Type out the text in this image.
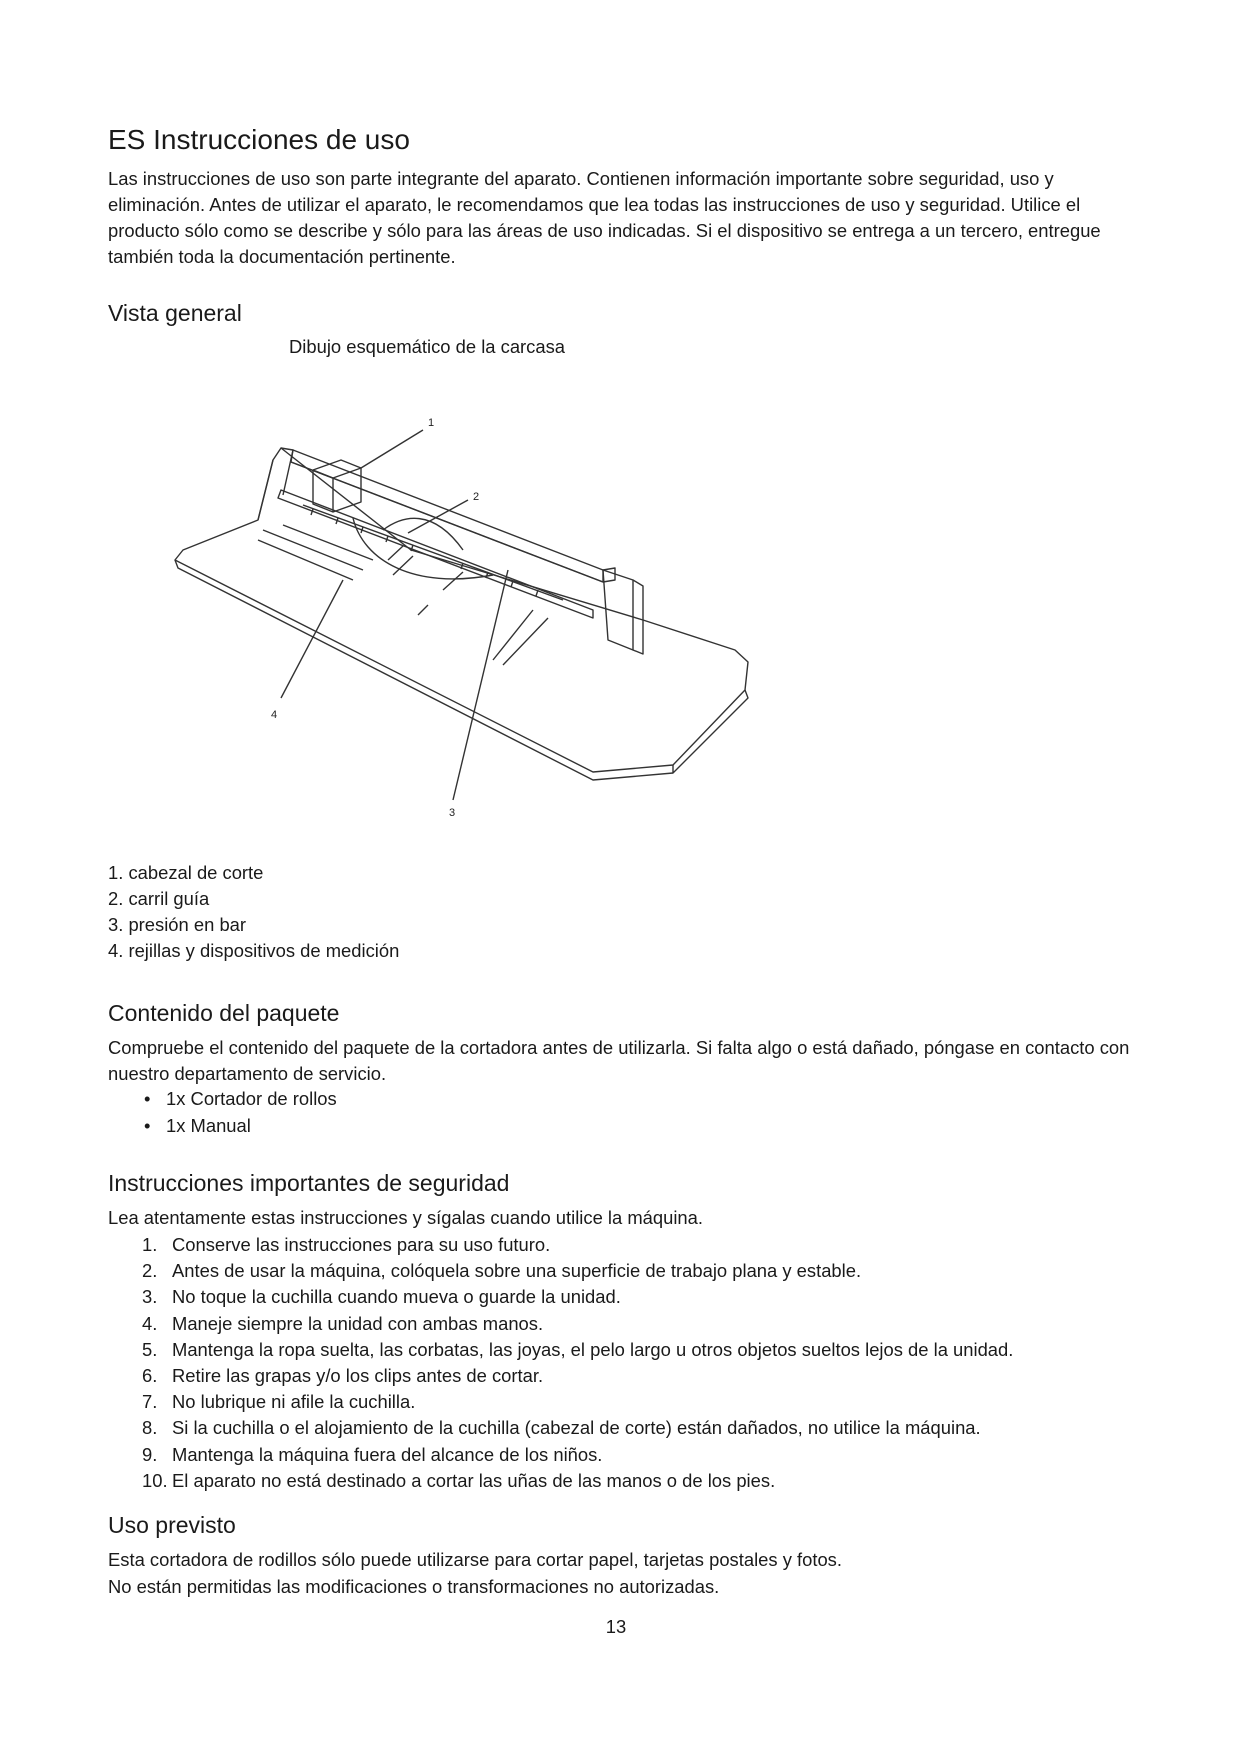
ES Instrucciones de uso

Las instrucciones de uso son parte integrante del aparato. Contienen información importante sobre seguridad, uso y eliminación. Antes de utilizar el aparato, le recomendamos que lea todas las instrucciones de uso y seguridad. Utilice el producto sólo como se describe y sólo para las áreas de uso indicadas. Si el dispositivo se entrega a un tercero, entregue también toda la documentación pertinente.

Vista general

Dibujo esquemático de la carcasa

1
2
3
4
1. cabezal de corte
2. carril guía
3. presión en bar
4. rejillas y dispositivos de medición
Contenido del paquete

Compruebe el contenido del paquete de la cortadora antes de utilizarla. Si falta algo o está dañado, póngase en contacto con nuestro departamento de servicio.

• 1x Cortador de rollos
• 1x Manual
Instrucciones importantes de seguridad

Lea atentamente estas instrucciones y sígalas cuando utilice la máquina.

1. Conserve las instrucciones para su uso futuro.
2. Antes de usar la máquina, colóquela sobre una superficie de trabajo plana y estable.
3. No toque la cuchilla cuando mueva o guarde la unidad.
4. Maneje siempre la unidad con ambas manos.
5. Mantenga la ropa suelta, las corbatas, las joyas, el pelo largo u otros objetos sueltos lejos de la unidad.
6. Retire las grapas y/o los clips antes de cortar.
7. No lubrique ni afile la cuchilla.
8. Si la cuchilla o el alojamiento de la cuchilla (cabezal de corte) están dañados, no utilice la máquina.
9. Mantenga la máquina fuera del alcance de los niños.
10. El aparato no está destinado a cortar las uñas de las manos o de los pies.
Uso previsto

Esta cortadora de rodillos sólo puede utilizarse para cortar papel, tarjetas postales y fotos.

No están permitidas las modificaciones o transformaciones no autorizadas.

13
